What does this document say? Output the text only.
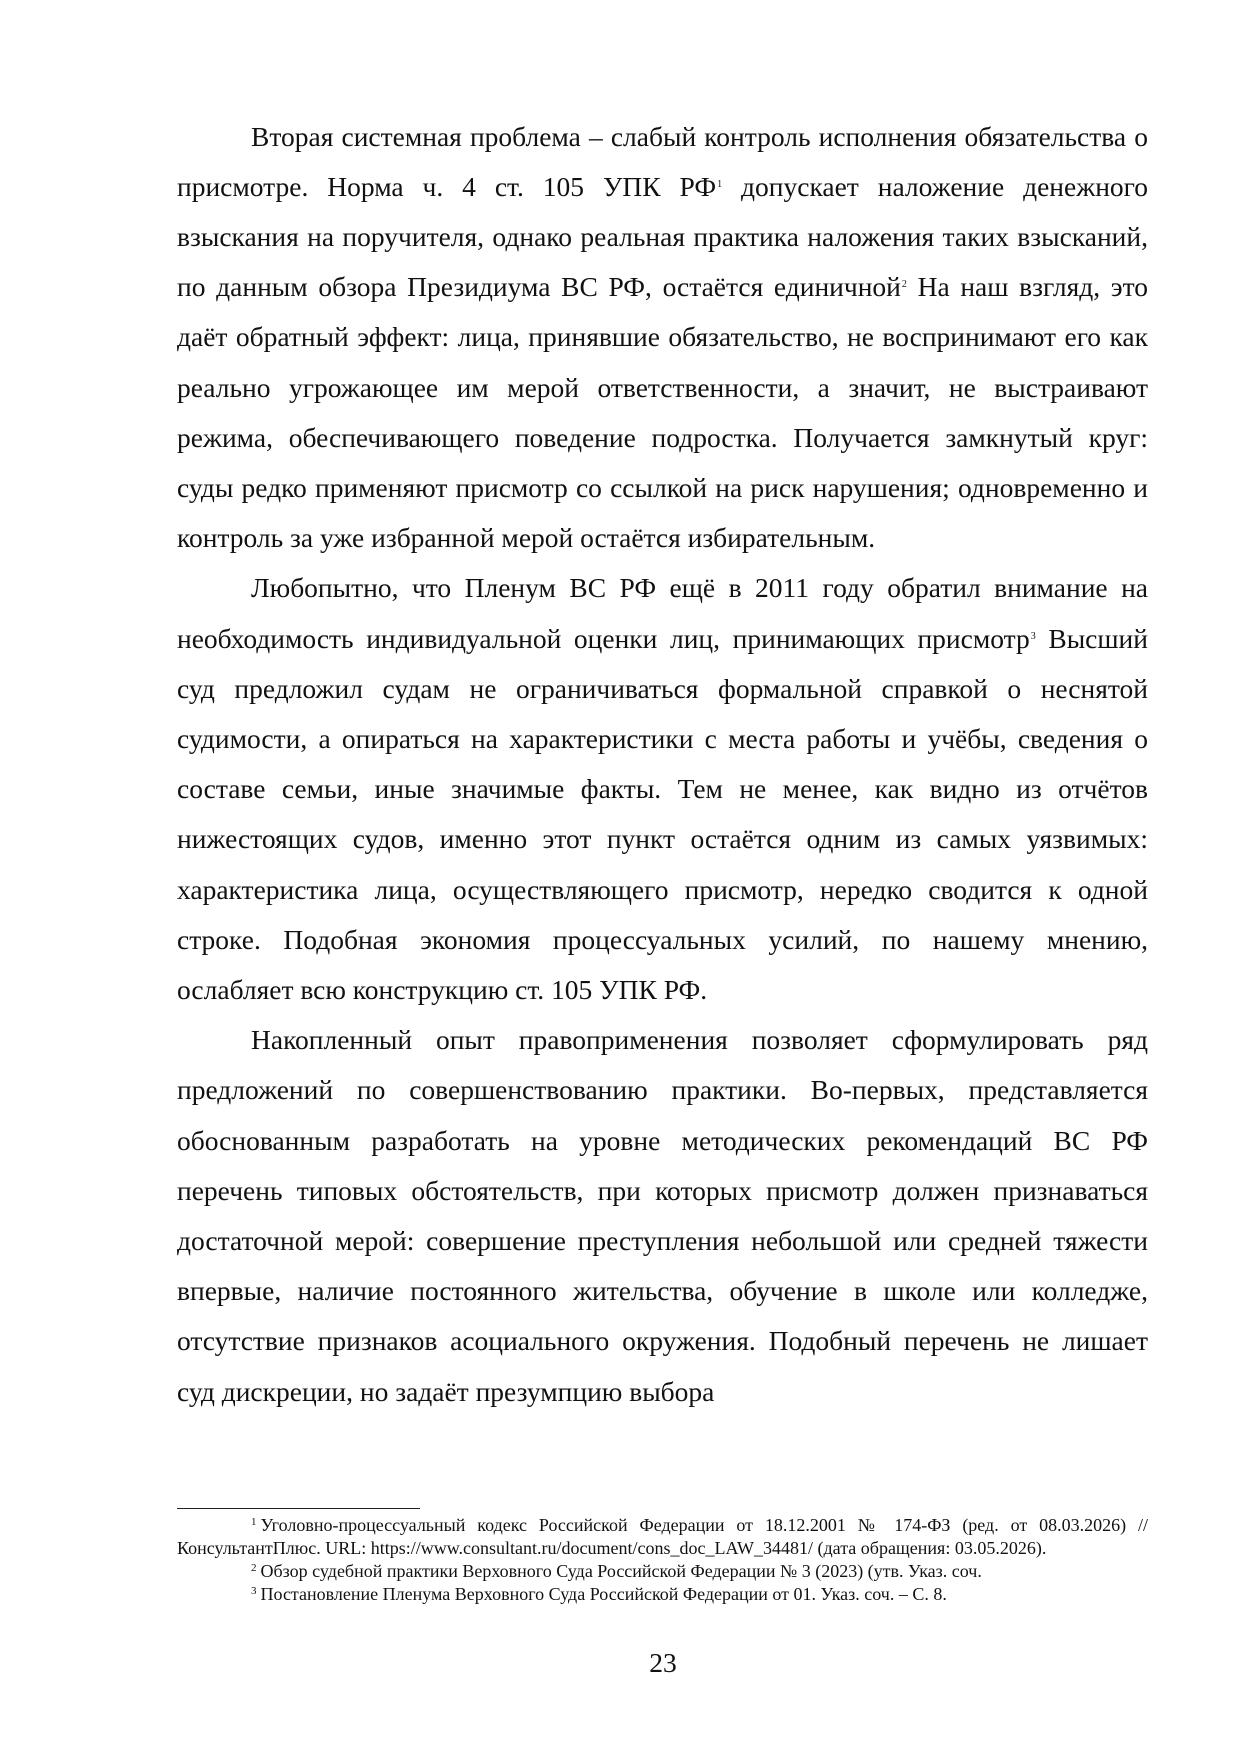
Вторая системная проблема – слабый контроль исполнения обязательства о присмотре. Норма ч. 4 ст. 105 УПК РФ$^1$ допускает наложение денежного взыскания на поручителя, однако реальная практика наложения таких взысканий, по данным обзора Президиума ВС РФ, остаётся единичной$^2$ На наш взгляд, это даёт обратный эффект: лица, принявшие обязательство, не воспринимают его как реально угрожающее им мерой ответственности, а значит, не выстраивают режима, обеспечивающего поведение подростка. Получается замкнутый круг: суды редко применяют присмотр со ссылкой на риск нарушения; одновременно и контроль за уже избранной мерой остаётся избирательным.

Любопытно, что Пленум ВС РФ ещё в 2011 году обратил внимание на необходимость индивидуальной оценки лиц, принимающих присмотр$^3$ Высший суд предложил судам не ограничиваться формальной справкой о неснятой судимости, а опираться на характеристики с места работы и учёбы, сведения о составе семьи, иные значимые факты. Тем не менее, как видно из отчётов нижестоящих судов, именно этот пункт остаётся одним из самых уязвимых: характеристика лица, осуществляющего присмотр, нередко сводится к одной строке. Подобная экономия процессуальных усилий, по нашему мнению, ослабляет всю конструкцию ст. 105 УПК РФ.

Накопленный опыт правоприменения позволяет сформулировать ряд предложений по совершенствованию практики. Во-первых, представляется обоснованным разработать на уровне методических рекомендаций ВС РФ перечень типовых обстоятельств, при которых присмотр должен признаваться достаточной мерой: совершение преступления небольшой или средней тяжести впервые, наличие постоянного жительства, обучение в школе или колледже, отсутствие признаков асоциального окружения. Подобный перечень не лишает суд дискреции, но задаёт презумпцию выбора

$^1$ Уголовно-процессуальный кодекс Российской Федерации от 18.12.2001 № 174-ФЗ (ред. от 08.03.2026) // КонсультантПлюс. URL: https://www.consultant.ru/document/cons_doc_LAW_34481/ (дата обращения: 03.05.2026).

$^2$ Обзор судебной практики Верховного Суда Российской Федерации № 3 (2023) (утв. Указ. соч.

$^3$ Постановление Пленума Верховного Суда Российской Федерации от 01. Указ. соч. – С. 8.

23
